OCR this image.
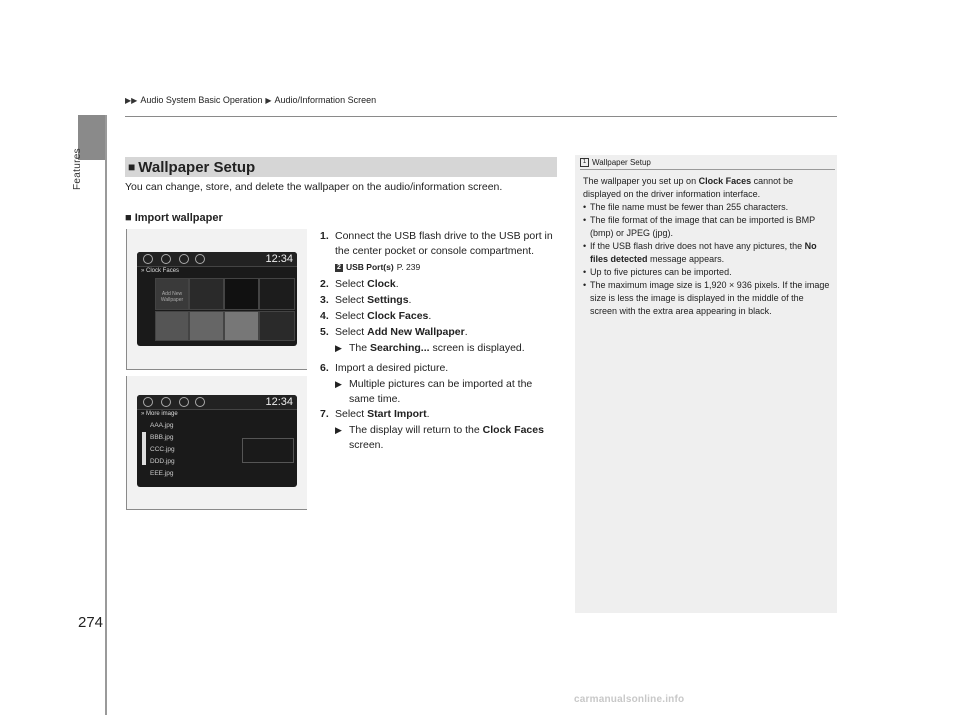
▶▶ Audio System Basic Operation ▶ Audio/Information Screen
Features
274
■ Wallpaper Setup
You can change, store, and delete the wallpaper on the audio/information screen.
■ Import wallpaper
1. Connect the USB flash drive to the USB port in the center pocket or console compartment.
2 USB Port(s) P. 239
2. Select Clock.
3. Select Settings.
4. Select Clock Faces.
5. Select Add New Wallpaper.
▶ The Searching... screen is displayed.
6. Import a desired picture.
▶ Multiple pictures can be imported at the same time.
7. Select Start Import.
▶ The display will return to the Clock Faces screen.
12:34
» Clock Faces
Add New Wallpaper
12:34
» More image
AAA.jpg
BBB.jpg
CCC.jpg
DDD.jpg
EEE.jpg
1 Wallpaper Setup
The wallpaper you set up on Clock Faces cannot be displayed on the driver information interface.
• The file name must be fewer than 255 characters.
• The file format of the image that can be imported is BMP (bmp) or JPEG (jpg).
• If the USB flash drive does not have any pictures, the No files detected message appears.
• Up to five pictures can be imported.
• The maximum image size is 1,920 × 936 pixels. If the image size is less the image is displayed in the middle of the screen with the extra area appearing in black.
carmanualsonline.info
